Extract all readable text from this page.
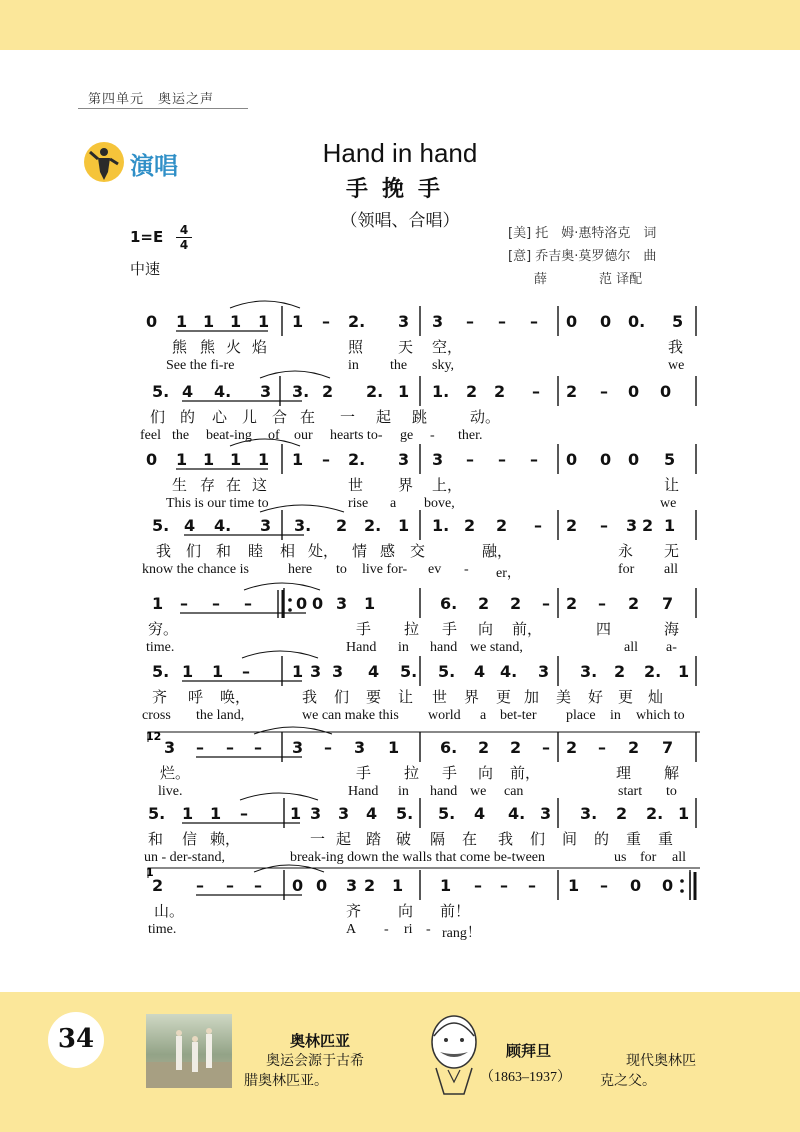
第四单元　奥运之声
演唱	Hand in hand
手挽手
（领唱、合唱）
1=E	4
4
中速
[美] 托　姆·惠特洛克　词
[意] 乔吉奥·莫罗德尔　曲
　　薛　　　　范 译配
0 1 1 1 1 1 – 2. 3 3 – – – 0 0 0. 5
熊 熊 火 焰	照 天 空，	我
See the fi-re	in the sky,	we
5. 4 4. 3 3. 2 2. 1 1. 2 2 – 2 – 0 0
们 的 心 儿 合 在 一 起 跳	动。
feel the beat-ing of our hearts to- ge - ther.
0 1 1 1 1 1 – 2. 3 3 – – – 0 0 0 5
生 存 在 这	世 界 上，	让
This is our time to	rise a bove,	we
5. 4 4. 3 3. 2 2. 1 1. 2 2 – 2 – 3 2 1
我 们 和 睦 相 处， 情 感 交	融，	永 无
know the chance is	here to live for- ev - er，	for all
1 – – –	0 0 3 1	6. 2 2 – 2 – 2 7
穷。	手 拉 手 向 前，	四	海
time.	Hand in hand we stand,	all a-
5. 1 1 –	1 3 3 4 5. 5. 4 4. 3 3. 2 2. 1
齐 呼 唤，	我 们 要 让 世 界 更 加 美 好 更 灿
cross the land,	we can make this world a bet-ter place in which to
3 – – – 3 – 3 1	6. 2 2 – 2 – 2 7
烂。	手 拉 手 向 前，	理 解
live.	Hand in hand we can	start to
5. 1 1 –	1 3 3 4 5. 5. 4 4. 3 3. 2 2. 1
和 信 赖，	一 起 踏 破 隔 在 我 们 间 的 重 重
un - der-stand,	break-ing down the walls that come be-tween	us for all
2 – – – 0 0 3 2 1 1 – – – 1 – 0 0
山。	齐 向 前！
time.	A - ri - rang！
12
1
34	奥林匹亚
奥运会源于古希
腊奥林匹亚。
顾拜旦
（1863–1937）
现代奥林匹
克之父。
